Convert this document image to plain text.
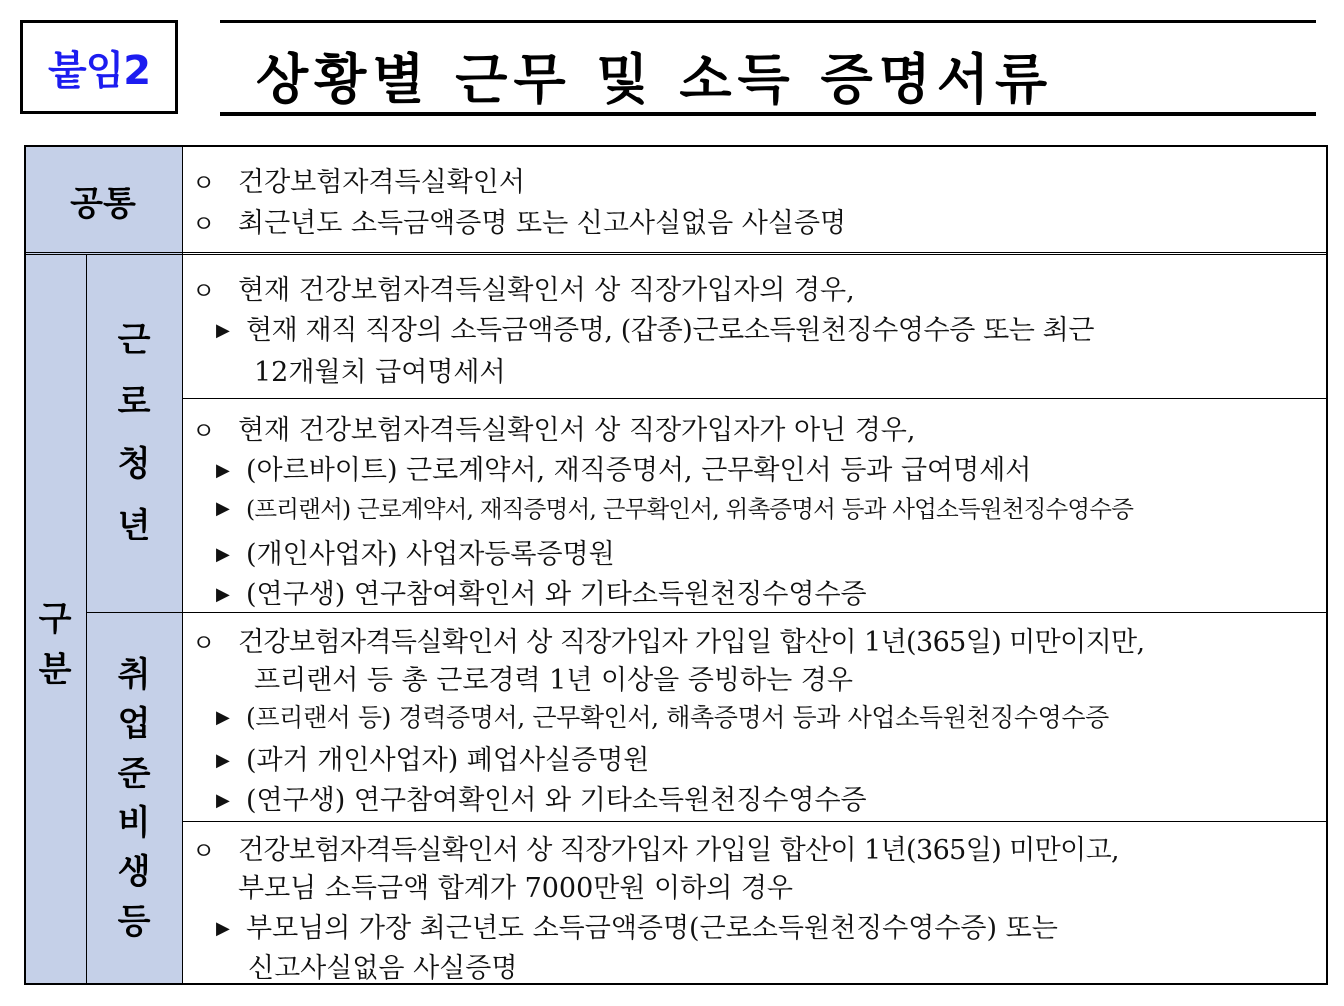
붙임2 상황별 근무 및 소득 증명서류
공통
구
분
근
로
청
년
취
업
준
비
생
등
ㅇ 건강보험자격득실확인서
ㅇ 최근년도 소득금액증명 또는 신고사실없음 사실증명
ㅇ 현재 건강보험자격득실확인서 상 직장가입자의 경우,
▶ 현재 재직 직장의 소득금액증명, (갑종)근로소득원천징수영수증 또는 최근
12개월치 급여명세서
ㅇ 현재 건강보험자격득실확인서 상 직장가입자가 아닌 경우,
▶ (아르바이트) 근로계약서, 재직증명서, 근무확인서 등과 급여명세서
▶ (프리랜서) 근로계약서, 재직증명서, 근무확인서, 위촉증명서 등과 사업소득원천징수영수증
▶ (개인사업자) 사업자등록증명원
▶ (연구생) 연구참여확인서 와 기타소득원천징수영수증
ㅇ 건강보험자격득실확인서 상 직장가입자 가입일 합산이 1년(365일) 미만이지만,
프리랜서 등 총 근로경력 1년 이상을 증빙하는 경우
▶ (프리랜서 등) 경력증명서, 근무확인서, 해촉증명서 등과 사업소득원천징수영수증
▶ (과거 개인사업자) 폐업사실증명원
▶ (연구생) 연구참여확인서 와 기타소득원천징수영수증
ㅇ 건강보험자격득실확인서 상 직장가입자 가입일 합산이 1년(365일) 미만이고,
부모님 소득금액 합계가 7000만원 이하의 경우
▶ 부모님의 가장 최근년도 소득금액증명(근로소득원천징수영수증) 또는
신고사실없음 사실증명
